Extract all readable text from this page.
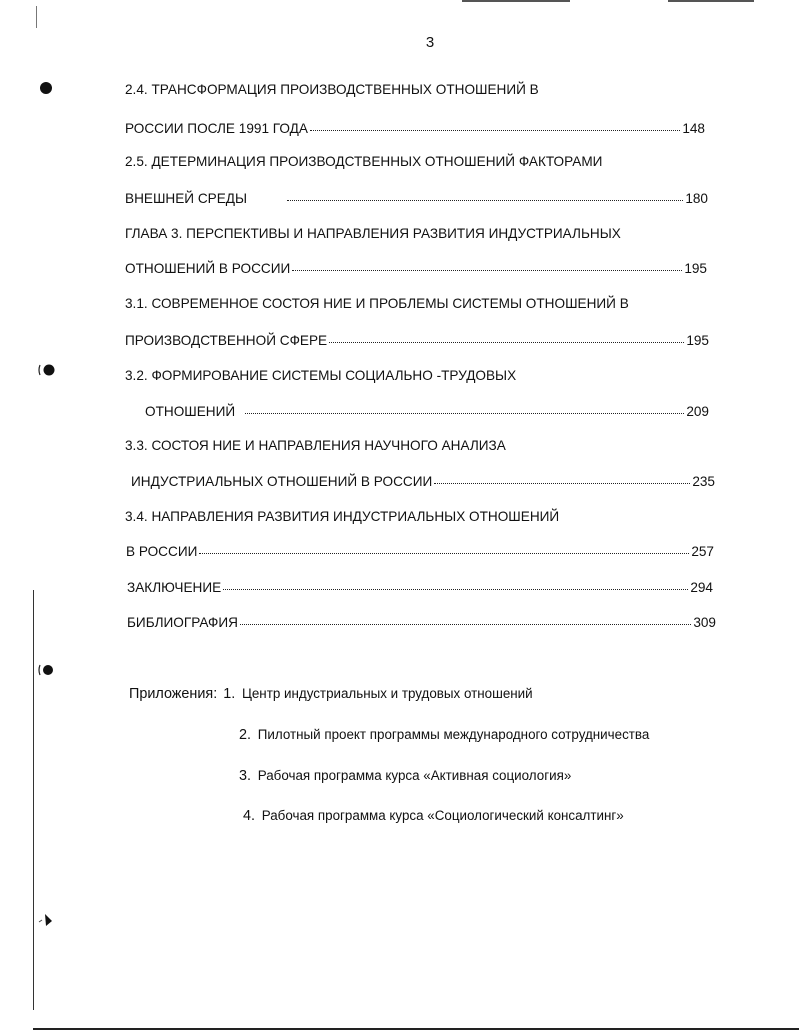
3
2.4. ТРАНСФОРМАЦИЯ ПРОИЗВОДСТВЕННЫХ ОТНОШЕНИЙ В
РОССИИ ПОСЛЕ 1991 ГОДА	148
2.5. ДЕТЕРМИНАЦИЯ ПРОИЗВОДСТВЕННЫХ ОТНОШЕНИЙ ФАКТОРАМИ
ВНЕШНЕЙ СРЕДЫ	180
ГЛАВА 3. ПЕРСПЕКТИВЫ И НАПРАВЛЕНИЯ РАЗВИТИЯ ИНДУСТРИАЛЬНЫХ
ОТНОШЕНИЙ В РОССИИ	195
3.1. СОВРЕМЕННОЕ СОСТОЯ НИЕ И ПРОБЛЕМЫ СИСТЕМЫ ОТНОШЕНИЙ В
ПРОИЗВОДСТВЕННОЙ СФЕРЕ	195
3.2. ФОРМИРОВАНИЕ СИСТЕМЫ СОЦИАЛЬНО -ТРУДОВЫХ
ОТНОШЕНИЙ	209
3.3. СОСТОЯ НИЕ И НАПРАВЛЕНИЯ НАУЧНОГО АНАЛИЗА
ИНДУСТРИАЛЬНЫХ ОТНОШЕНИЙ В РОССИИ	235
3.4. НАПРАВЛЕНИЯ РАЗВИТИЯ ИНДУСТРИАЛЬНЫХ ОТНОШЕНИЙ
В РОССИИ	257
ЗАКЛЮЧЕНИЕ	294
БИБЛИОГРАФИЯ	309
Приложения: 1. Центр индустриальных и трудовых отношений
2. Пилотный проект программы международного сотрудничества
3. Рабочая программа курса «Активная социология»
4. Рабочая программа курса «Социологический консалтинг»
